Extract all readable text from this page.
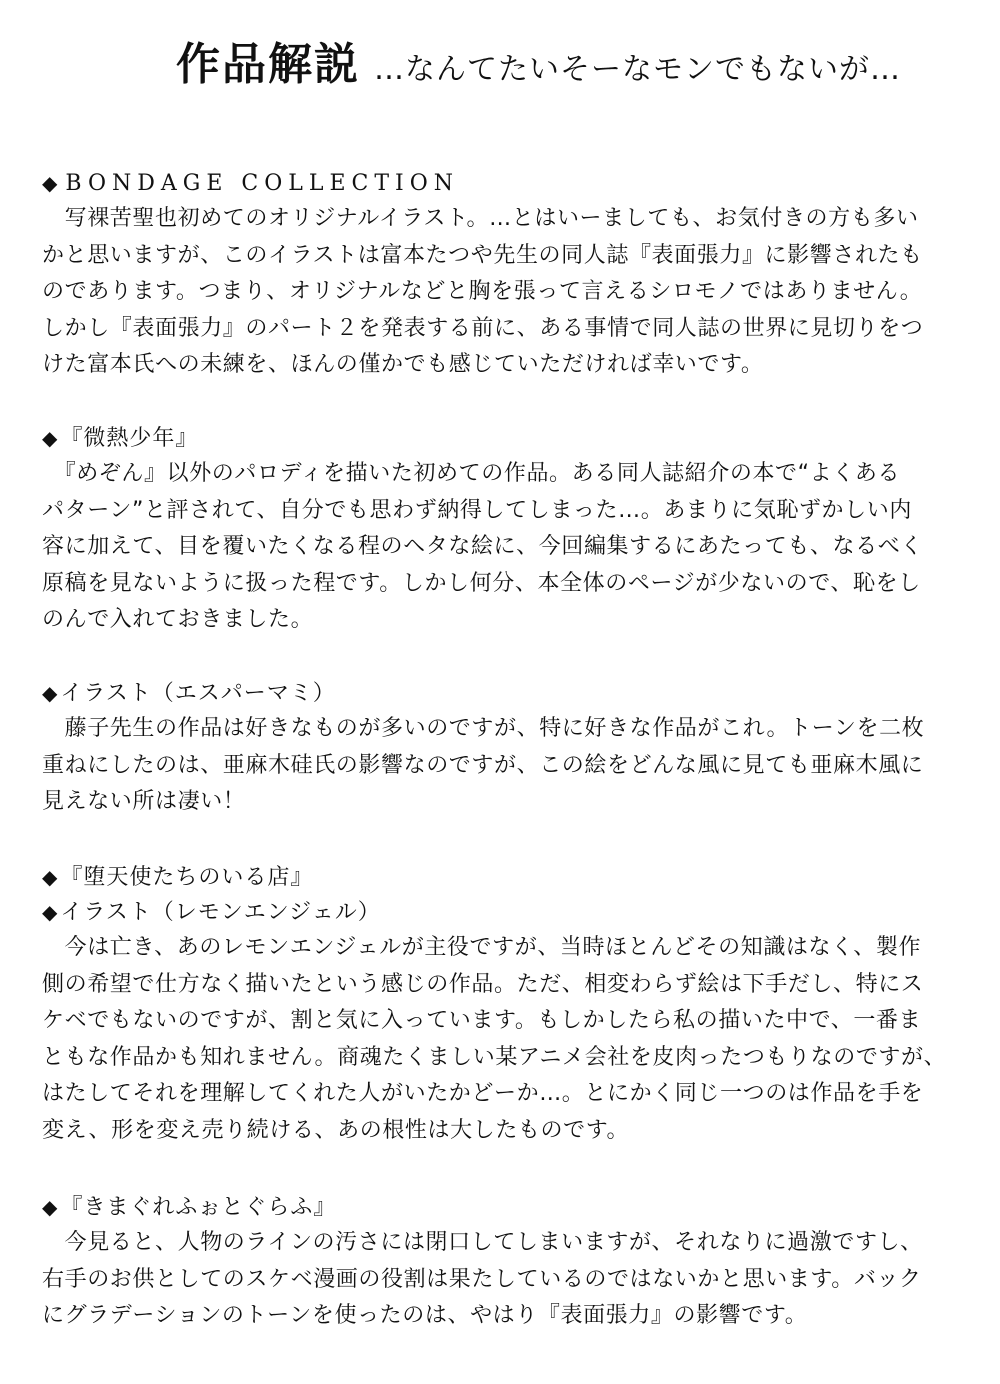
作品解説 …なんてたいそーなモンでもないが…
◆BONDAGE COLLECTION
　写裸苦聖也初めてのオリジナルイラスト。…とはいーましても、お気付きの方も多い
かと思いますが、このイラストは富本たつや先生の同人誌『表面張力』に影響されたも
のであります。つまり、オリジナルなどと胸を張って言えるシロモノではありません。
しかし『表面張力』のパート２を発表する前に、ある事情で同人誌の世界に見切りをつ
けた富本氏への未練を、ほんの僅かでも感じていただければ幸いです。
◆『微熱少年』
　『めぞん』以外のパロディを描いた初めての作品。ある同人誌紹介の本で“よくある
パターン”と評されて、自分でも思わず納得してしまった…。あまりに気恥ずかしい内
容に加えて、目を覆いたくなる程のヘタな絵に、今回編集するにあたっても、なるべく
原稿を見ないように扱った程です。しかし何分、本全体のページが少ないので、恥をし
のんで入れておきました。
◆イラスト（エスパーマミ）
　藤子先生の作品は好きなものが多いのですが、特に好きな作品がこれ。トーンを二枚
重ねにしたのは、亜麻木硅氏の影響なのですが、この絵をどんな風に見ても亜麻木風に
見えない所は凄い！
◆『堕天使たちのいる店』
◆イラスト（レモンエンジェル）
　今は亡き、あのレモンエンジェルが主役ですが、当時ほとんどその知識はなく、製作
側の希望で仕方なく描いたという感じの作品。ただ、相変わらず絵は下手だし、特にス
ケベでもないのですが、割と気に入っています。もしかしたら私の描いた中で、一番ま
ともな作品かも知れません。商魂たくましい某アニメ会社を皮肉ったつもりなのですが、
はたしてそれを理解してくれた人がいたかどーか…。とにかく同じ一つのは作品を手を
変え、形を変え売り続ける、あの根性は大したものです。
◆『きまぐれふぉとぐらふ』
　今見ると、人物のラインの汚さには閉口してしまいますが、それなりに過激ですし、
右手のお供としてのスケベ漫画の役割は果たしているのではないかと思います。バック
にグラデーションのトーンを使ったのは、やはり『表面張力』の影響です。
